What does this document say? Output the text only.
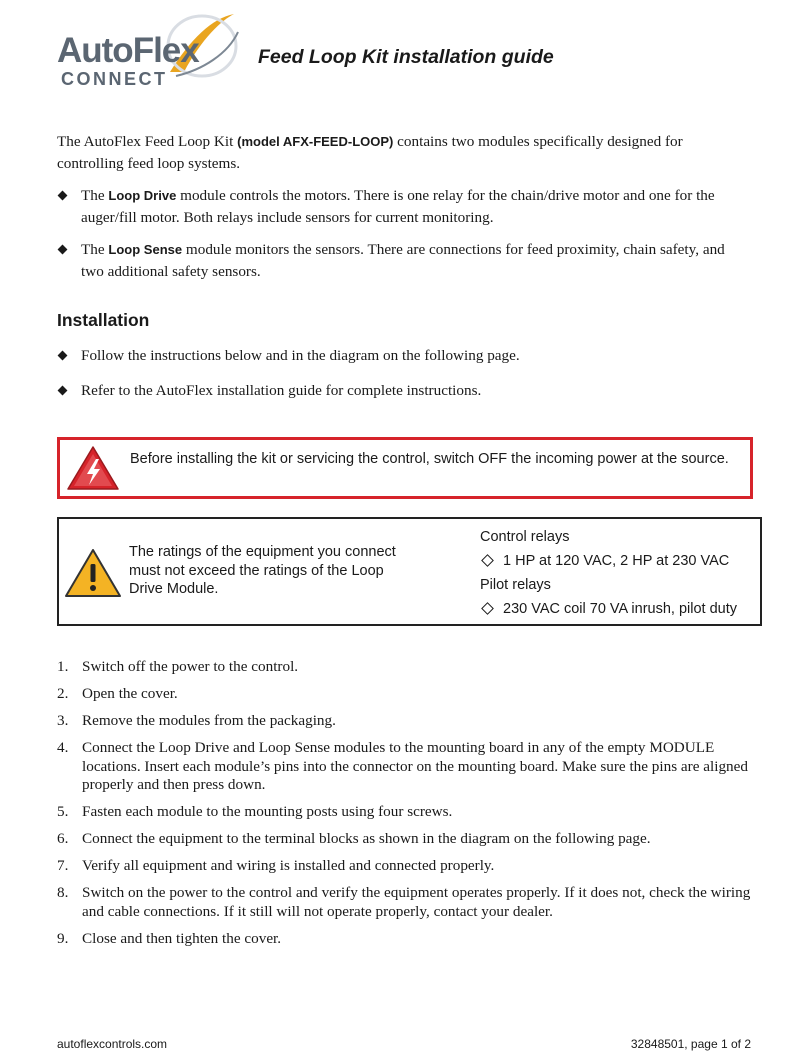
AutoFlex
CONNECT
Feed Loop Kit installation guide

The AutoFlex Feed Loop Kit (model AFX-FEED-LOOP) contains two modules specifically designed for controlling feed loop systems.

The Loop Drive module controls the motors. There is one relay for the chain/drive motor and one for the auger/fill motor. Both relays include sensors for current monitoring.
The Loop Sense module monitors the sensors. There are connections for feed proximity, chain safety, and two additional safety sensors.
Installation
Follow the instructions below and in the diagram on the following page.
Refer to the AutoFlex installation guide for complete instructions.
Before installing the kit or servicing the control, switch OFF the incoming power at the source.
The ratings of the equipment you connect must not exceed the ratings of the Loop Drive Module.
Control relays
1 HP at 120 VAC, 2 HP at 230 VAC
Pilot relays
230 VAC coil 70 VA inrush, pilot duty
1. Switch off the power to the control.
2. Open the cover.
3. Remove the modules from the packaging.
4. Connect the Loop Drive and Loop Sense modules to the mounting board in any of the empty MODULE locations. Insert each module’s pins into the connector on the mounting board. Make sure the pins are aligned properly and then press down.
5. Fasten each module to the mounting posts using four screws.
6. Connect the equipment to the terminal blocks as shown in the diagram on the following page.
7. Verify all equipment and wiring is installed and connected properly.
8. Switch on the power to the control and verify the equipment operates properly. If it does not, check the wiring and cable connections. If it still will not operate properly, contact your dealer.
9. Close and then tighten the cover.
autoflexcontrols.com	32848501, page 1 of 2
